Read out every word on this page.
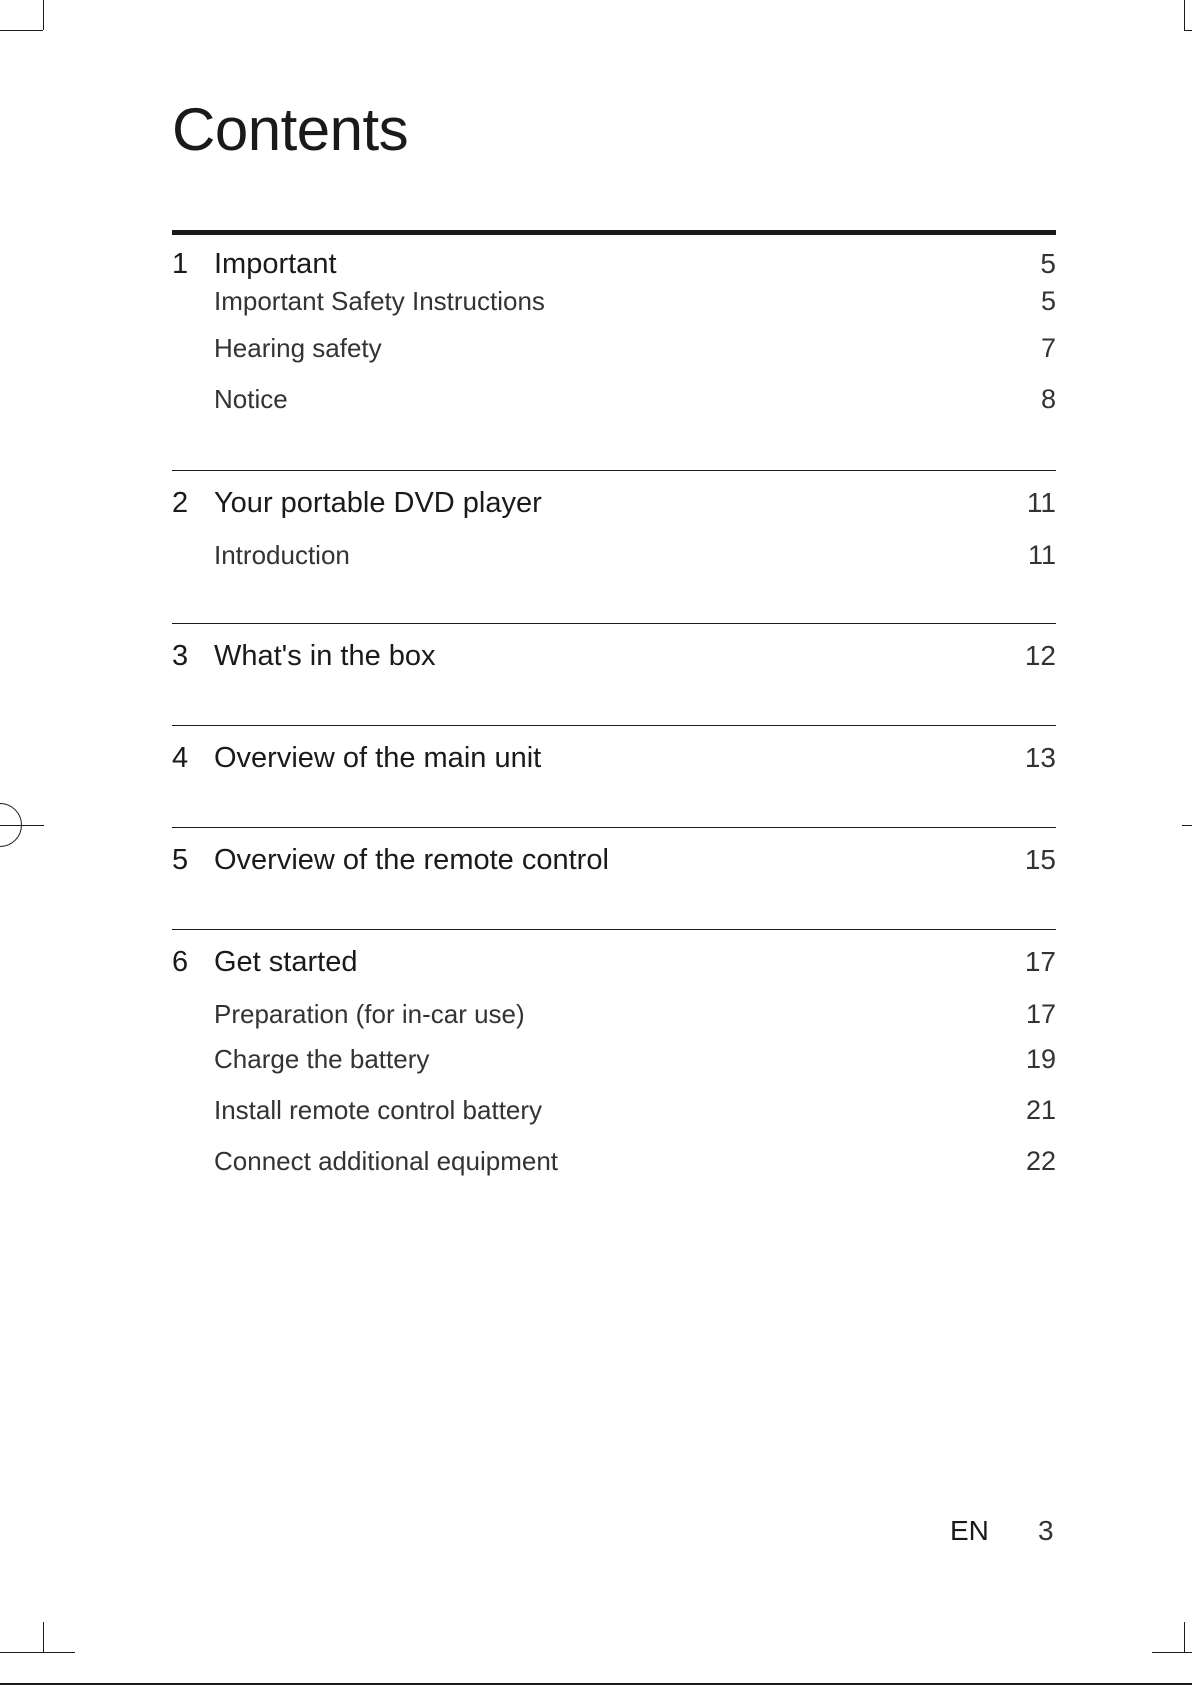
Contents
1 Important	5
Important Safety Instructions	5
Hearing safety	7
Notice	8
2 Your portable DVD player	11
Introduction	11
3 What's in the box	12
4 Overview of the main unit	13
5 Overview of the remote control	15
6 Get started	17
Preparation (for in-car use)	17
Charge the battery	19
Install remote control battery	21
Connect additional equipment	22
EN 3
